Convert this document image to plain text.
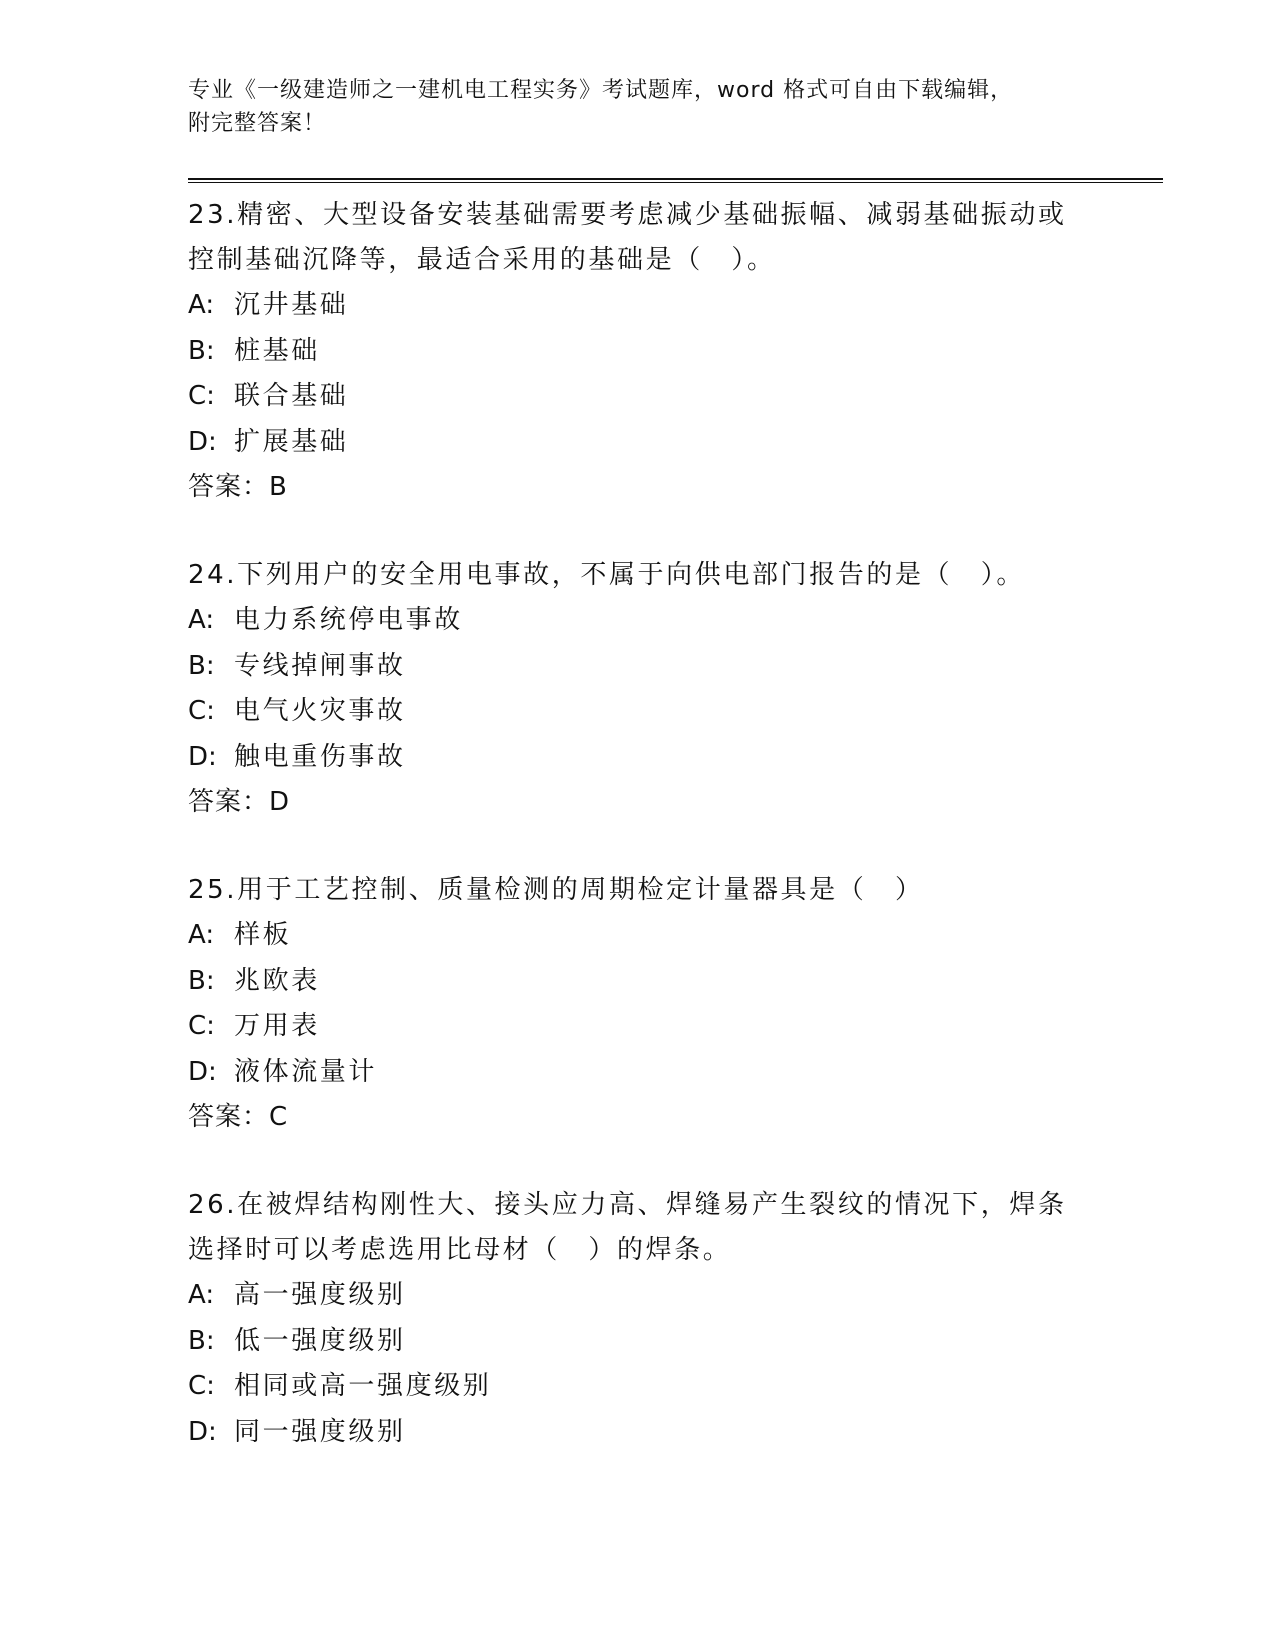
专业《一级建造师之一建机电工程实务》考试题库，word 格式可自由下载编辑，
附完整答案！
23.精密、大型设备安装基础需要考虑减少基础振幅、减弱基础振动或控制基础沉降等，最适合采用的基础是（　）。
A: 沉井基础
B: 桩基础
C: 联合基础
D: 扩展基础
答案：B
24.下列用户的安全用电事故，不属于向供电部门报告的是（　）。
A: 电力系统停电事故
B: 专线掉闸事故
C: 电气火灾事故
D: 触电重伤事故
答案：D
25.用于工艺控制、质量检测的周期检定计量器具是（　）
A: 样板
B: 兆欧表
C: 万用表
D: 液体流量计
答案：C
26.在被焊结构刚性大、接头应力高、焊缝易产生裂纹的情况下，焊条选择时可以考虑选用比母材（　）的焊条。
A: 高一强度级别
B: 低一强度级别
C: 相同或高一强度级别
D: 同一强度级别
